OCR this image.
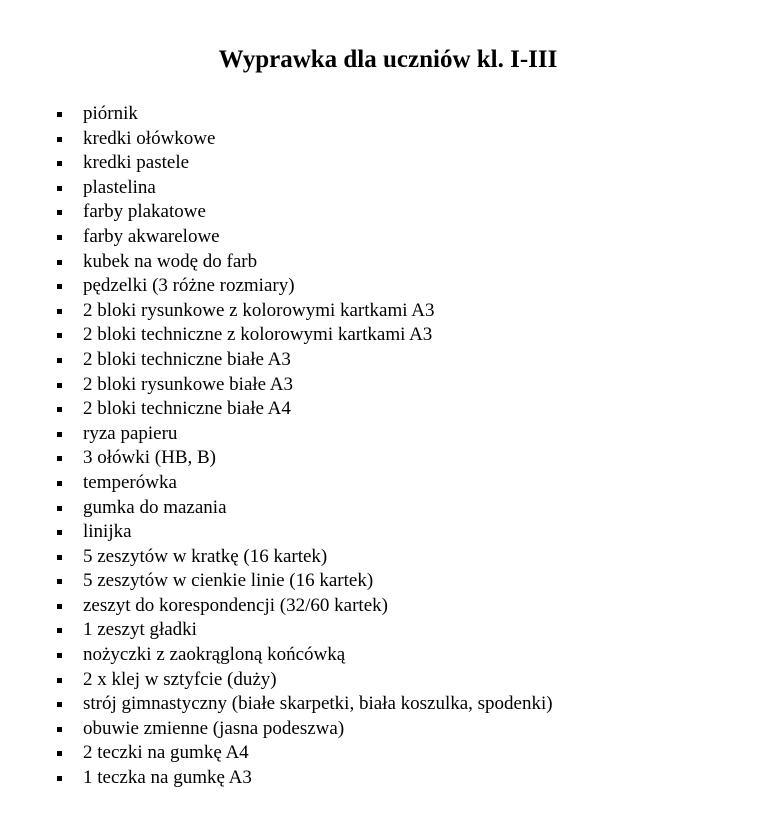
Wyprawka dla uczniów kl. I-III
piórnik
kredki ołówkowe
kredki pastele
plastelina
farby plakatowe
farby akwarelowe
kubek na wodę do farb
pędzelki (3 różne rozmiary)
2 bloki rysunkowe z kolorowymi kartkami A3
2 bloki techniczne z kolorowymi kartkami A3
2 bloki techniczne białe A3
2 bloki rysunkowe białe A3
2 bloki techniczne białe A4
ryza papieru
3 ołówki (HB, B)
temperówka
gumka do mazania
linijka
5 zeszytów w kratkę (16 kartek)
5 zeszytów w cienkie linie (16 kartek)
zeszyt do korespondencji (32/60 kartek)
1 zeszyt gładki
nożyczki z zaokrągloną końcówką
2 x klej w sztyfcie (duży)
strój gimnastyczny (białe skarpetki, biała koszulka, spodenki)
obuwie zmienne (jasna podeszwa)
2 teczki na gumkę A4
1 teczka na gumkę A3
